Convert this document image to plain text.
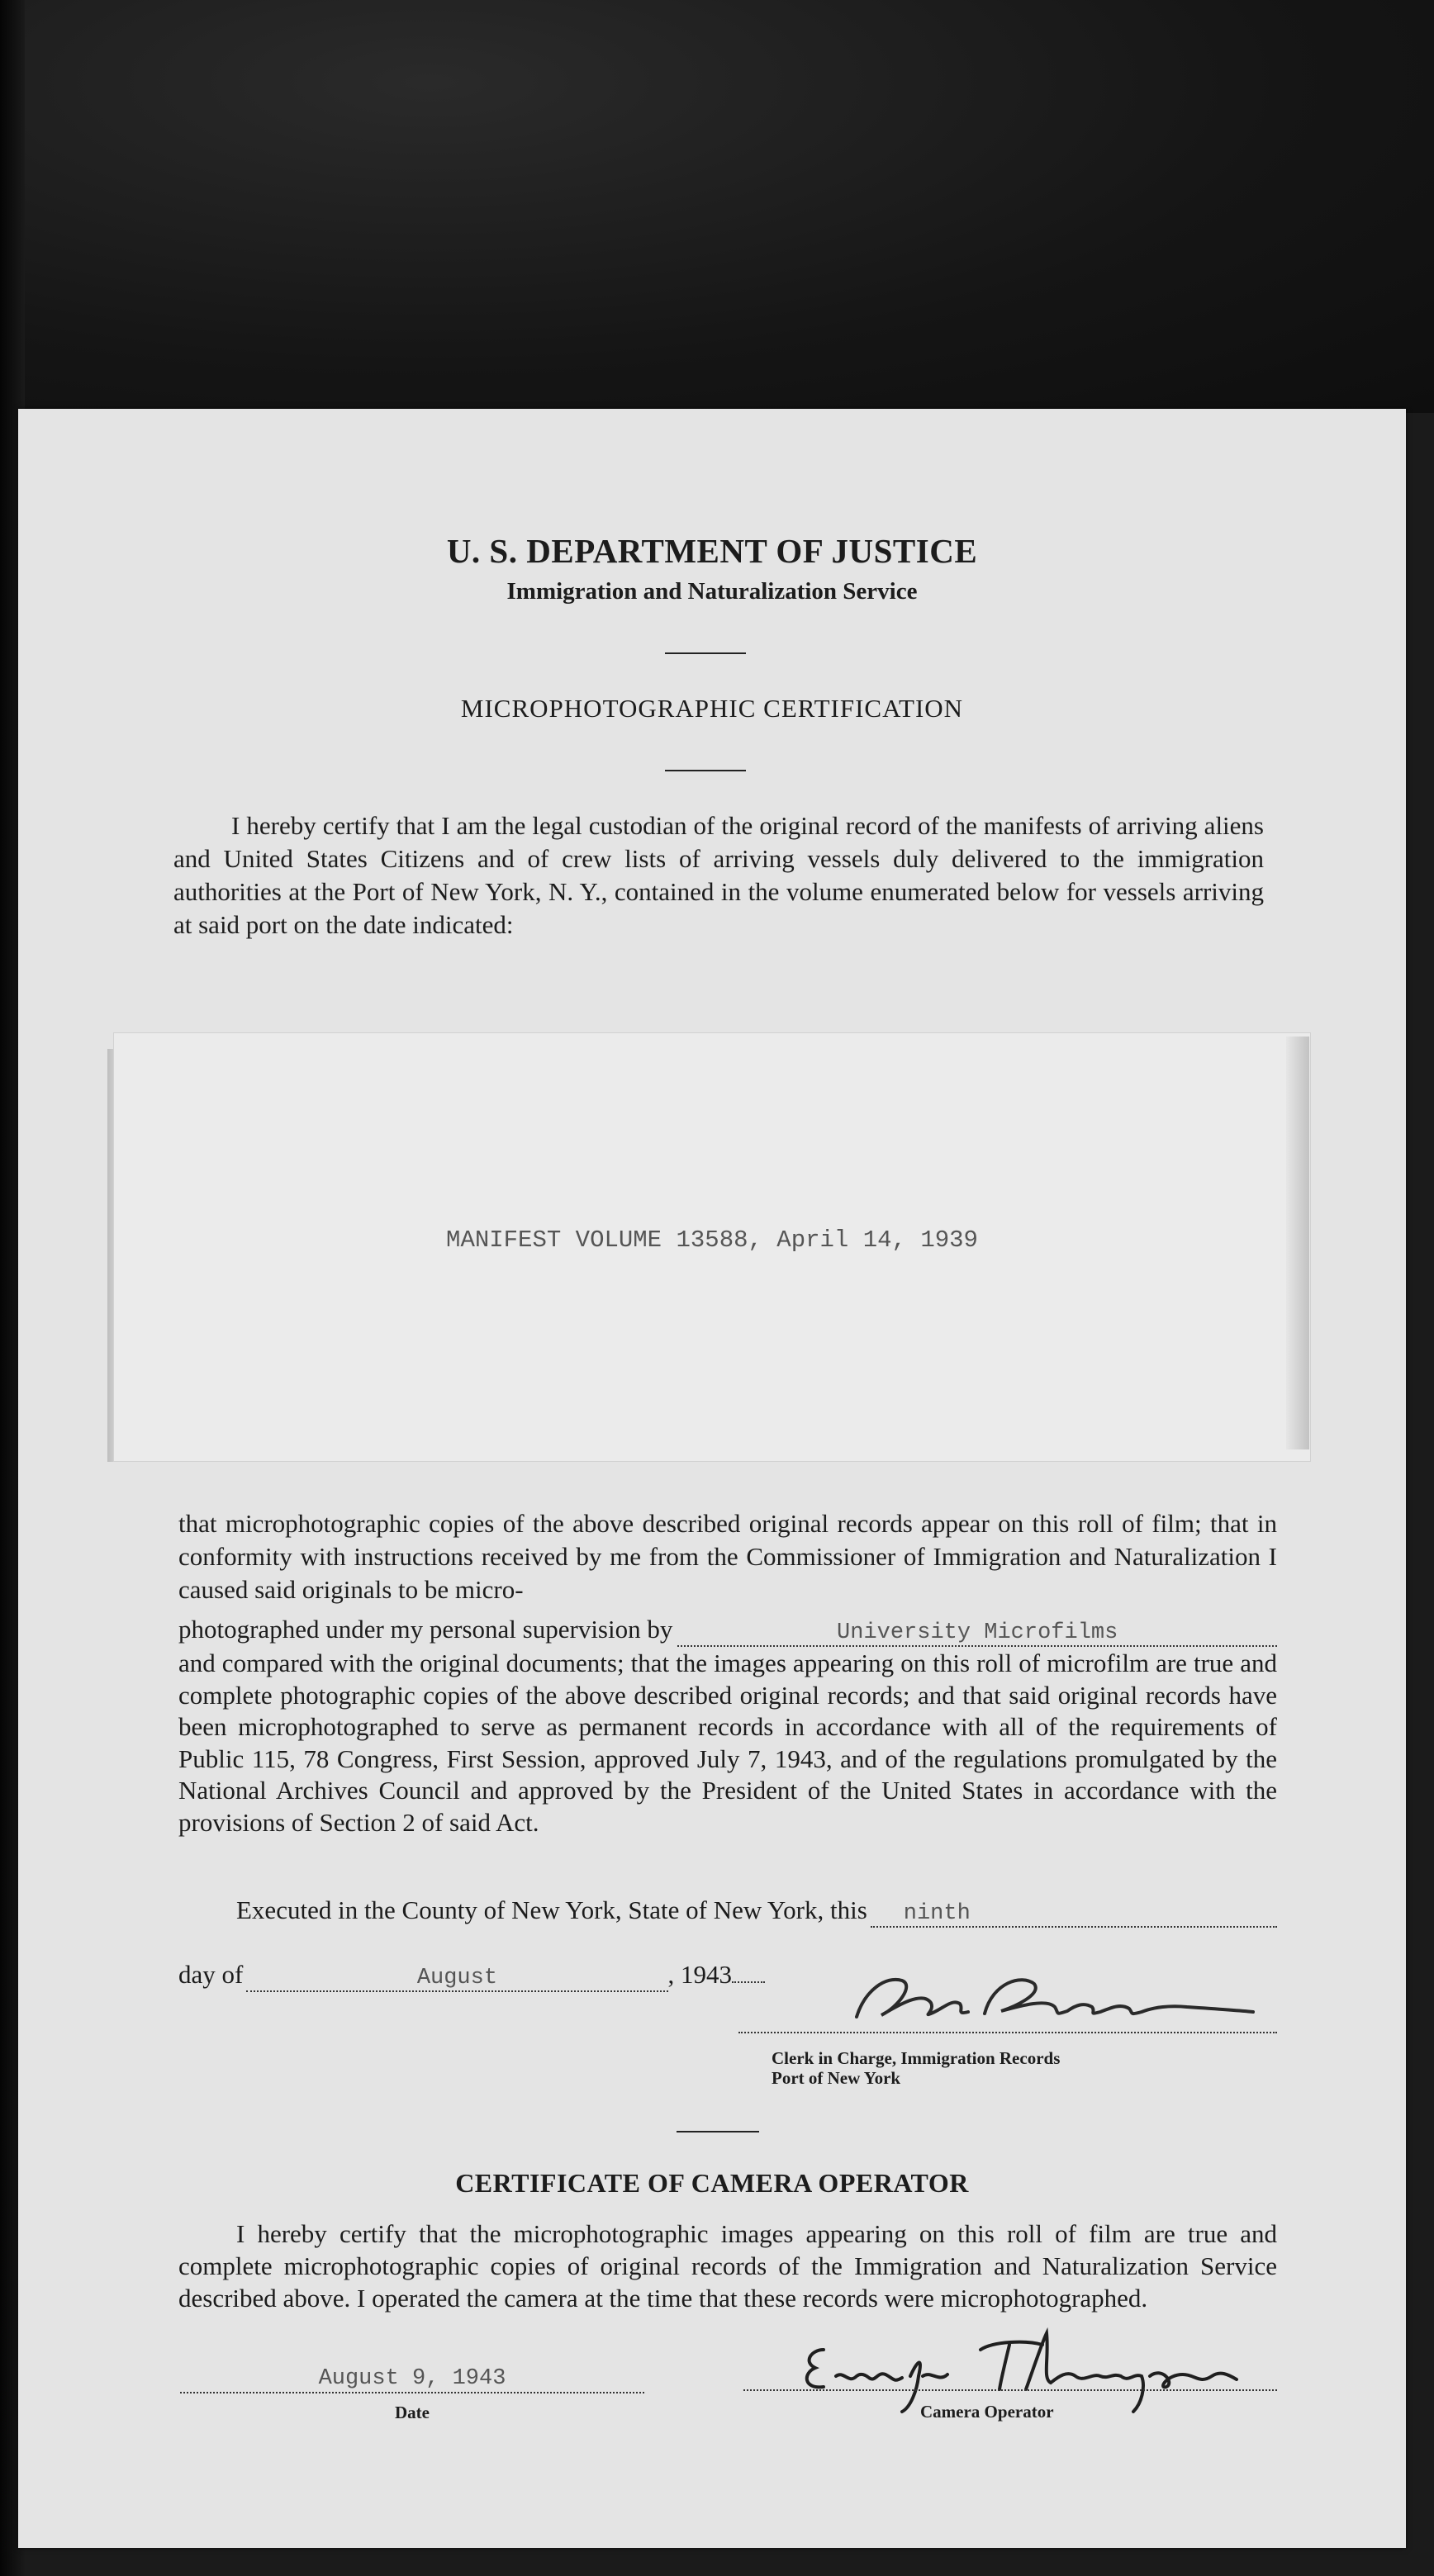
U. S. DEPARTMENT OF JUSTICE
Immigration and Naturalization Service
MICROPHOTOGRAPHIC CERTIFICATION
I hereby certify that I am the legal custodian of the original record of the manifests of arriving aliens and United States Citizens and of crew lists of arriving vessels duly delivered to the immigration authorities at the Port of New York, N. Y., contained in the volume enumerated below for vessels arriving at said port on the date indicated:
MANIFEST VOLUME 13588, April 14, 1939
that microphotographic copies of the above described original records appear on this roll of film; that in conformity with instructions received by me from the Commissioner of Immigration and Naturalization I caused said originals to be micro-
photographed under my personal supervision by	University Microfilms
and compared with the original documents; that the images appearing on this roll of microfilm are true and complete photographic copies of the above described original records; and that said original records have been microphotographed to serve as permanent records in accordance with all of the requirements of Public 115, 78 Congress, First Session, approved July 7, 1943, and of the regulations promulgated by the National Archives Council and approved by the President of the United States in accordance with the provisions of Section 2 of said Act.
Executed in the County of New York, State of New York, this	ninth
day of	August	, 1943
Clerk in Charge, Immigration Records
Port of New York
CERTIFICATE OF CAMERA OPERATOR
I hereby certify that the microphotographic images appearing on this roll of film are true and complete microphotographic copies of original records of the Immigration and Naturalization Service described above. I operated the camera at the time that these records were microphotographed.
August 9, 1943
Date	Camera Operator
